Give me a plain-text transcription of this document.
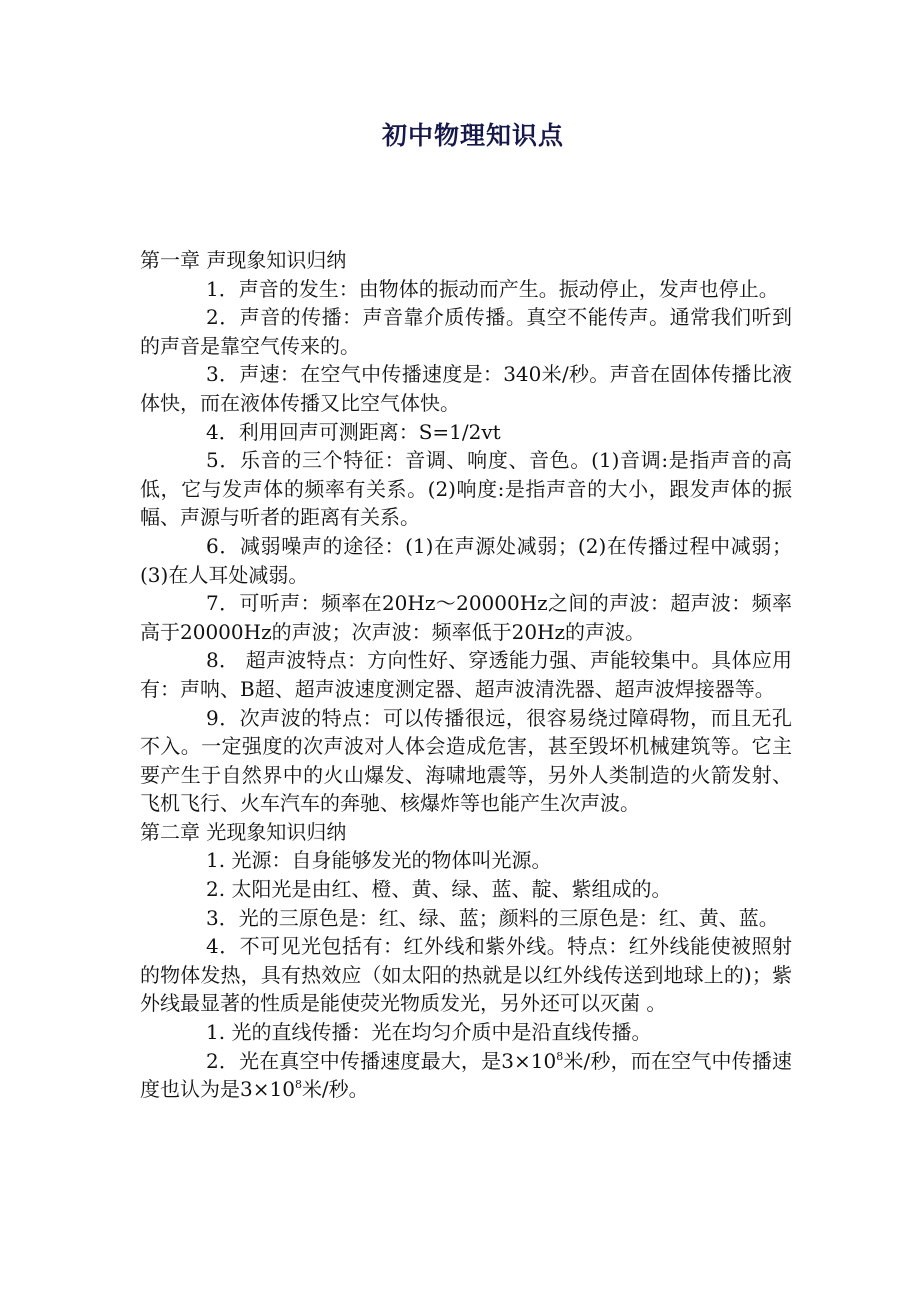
初中物理知识点

第一章 声现象知识归纳

1．声音的发生：由物体的振动而产生。振动停止，发声也停止。

2．声音的传播：声音靠介质传播。真空不能传声。通常我们听到的声音是靠空气传来的。

3．声速：在空气中传播速度是：340米/秒。声音在固体传播比液体快，而在液体传播又比空气体快。

4．利用回声可测距离：S=1/2vt

5．乐音的三个特征：音调、响度、音色。(1)音调:是指声音的高低，它与发声体的频率有关系。(2)响度:是指声音的大小，跟发声体的振幅、声源与听者的距离有关系。

6．减弱噪声的途径：(1)在声源处减弱；(2)在传播过程中减弱；(3)在人耳处减弱。

7．可听声：频率在20Hz～20000Hz之间的声波：超声波：频率高于20000Hz的声波；次声波：频率低于20Hz的声波。

8． 超声波特点：方向性好、穿透能力强、声能较集中。具体应用有：声呐、B超、超声波速度测定器、超声波清洗器、超声波焊接器等。

9．次声波的特点：可以传播很远，很容易绕过障碍物，而且无孔不入。一定强度的次声波对人体会造成危害，甚至毁坏机械建筑等。它主要产生于自然界中的火山爆发、海啸地震等，另外人类制造的火箭发射、飞机飞行、火车汽车的奔驰、核爆炸等也能产生次声波。

第二章 光现象知识归纳

1. 光源：自身能够发光的物体叫光源。

2. 太阳光是由红、橙、黄、绿、蓝、靛、紫组成的。

3．光的三原色是：红、绿、蓝；颜料的三原色是：红、黄、蓝。

4．不可见光包括有：红外线和紫外线。特点：红外线能使被照射的物体发热，具有热效应（如太阳的热就是以红外线传送到地球上的)；紫外线最显著的性质是能使荧光物质发光，另外还可以灭菌 。

1. 光的直线传播：光在均匀介质中是沿直线传播。

2．光在真空中传播速度最大，是$3\times 10^8$米/秒，而在空气中传播速度也认为是$3\times 10^8$米/秒。
